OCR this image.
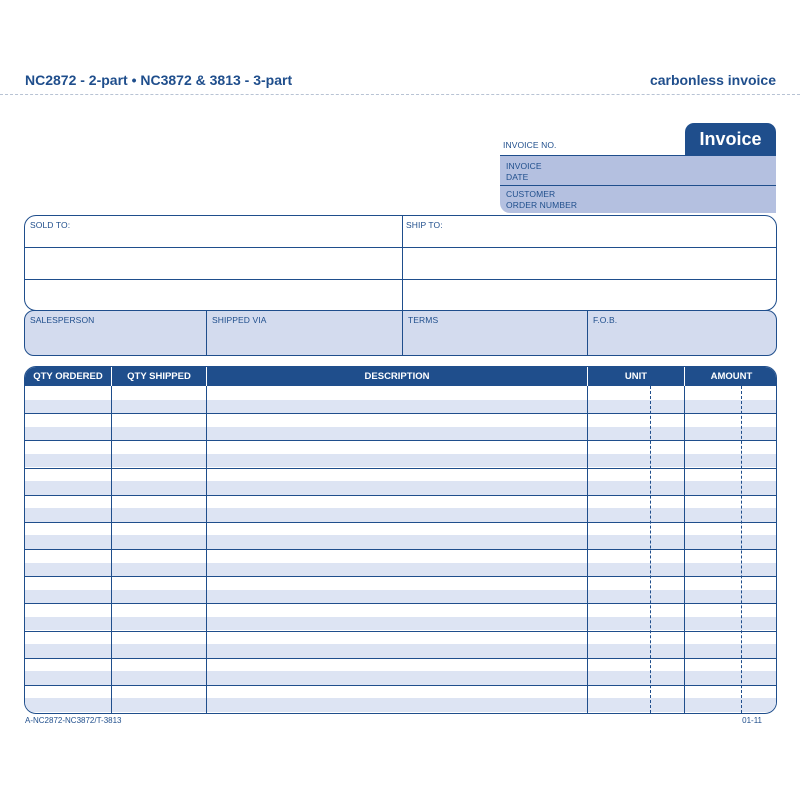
NC2872 - 2-part • NC3872 & 3813 - 3-part	carbonless invoice
Invoice
INVOICE NO.
INVOICE
DATE
CUSTOMER
ORDER NUMBER
SOLD TO:	SHIP TO:
SALESPERSON	SHIPPED VIA	TERMS	F.O.B.
QTY ORDERED	QTY SHIPPED	DESCRIPTION	UNIT	AMOUNT
A-NC2872-NC3872/T-3813	01-11
